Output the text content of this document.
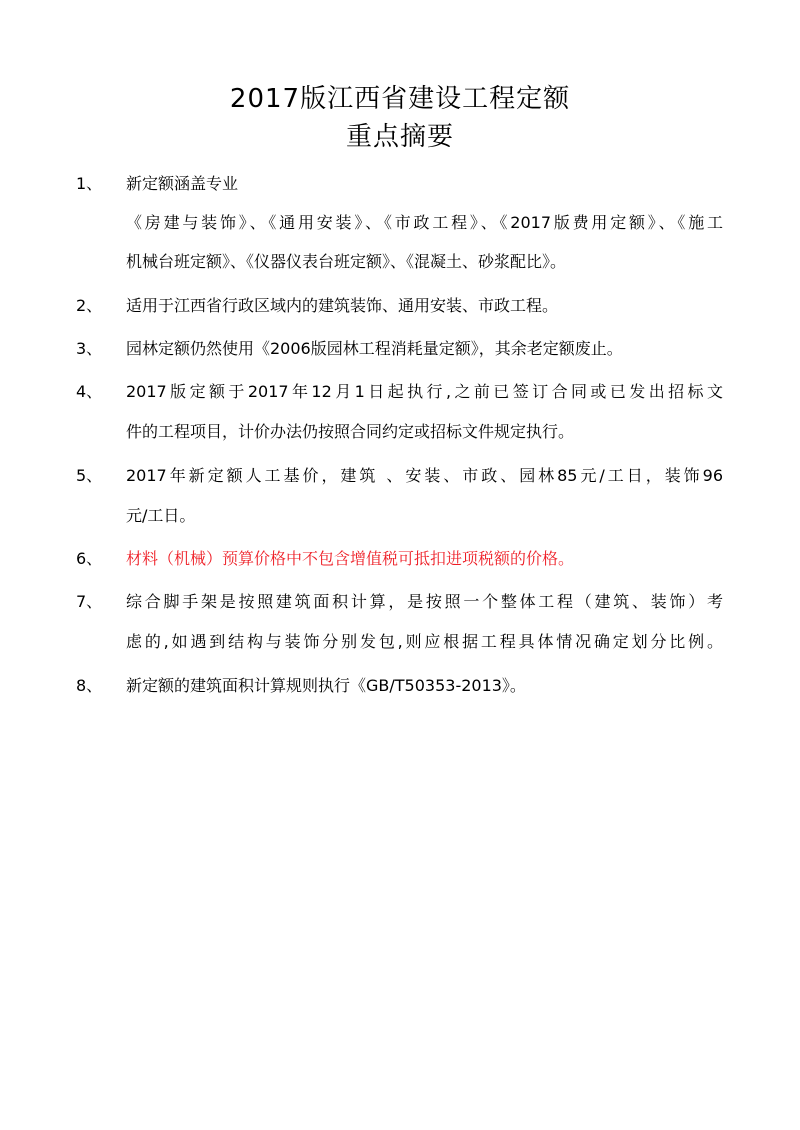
2017版江西省建设工程定额
重点摘要
1、 新定额涵盖专业
《房建与装饰》、《通用安装》、《市政工程》、《2017版费用定额》、《施工
机械台班定额》、《仪器仪表台班定额》、《混凝土、砂浆配比》。
2、 适用于江西省行政区域内的建筑装饰、通用安装、市政工程。
3、 园林定额仍然使用《2006版园林工程消耗量定额》，其余老定额废止。
4、 2017版定额于2017年12月1日起执行,之前已签订合同或已发出招标文
件的工程项目，计价办法仍按照合同约定或招标文件规定执行。
5、 2017年新定额人工基价，建筑 、安装、市政、园林85元/工日，装饰96
元/工日。
6、 材料（机械）预算价格中不包含增值税可抵扣进项税额的价格。
7、 综合脚手架是按照建筑面积计算，是按照一个整体工程（建筑、装饰）考
虑的,如遇到结构与装饰分别发包,则应根据工程具体情况确定划分比例。
8、 新定额的建筑面积计算规则执行《GB/T50353-2013》。
